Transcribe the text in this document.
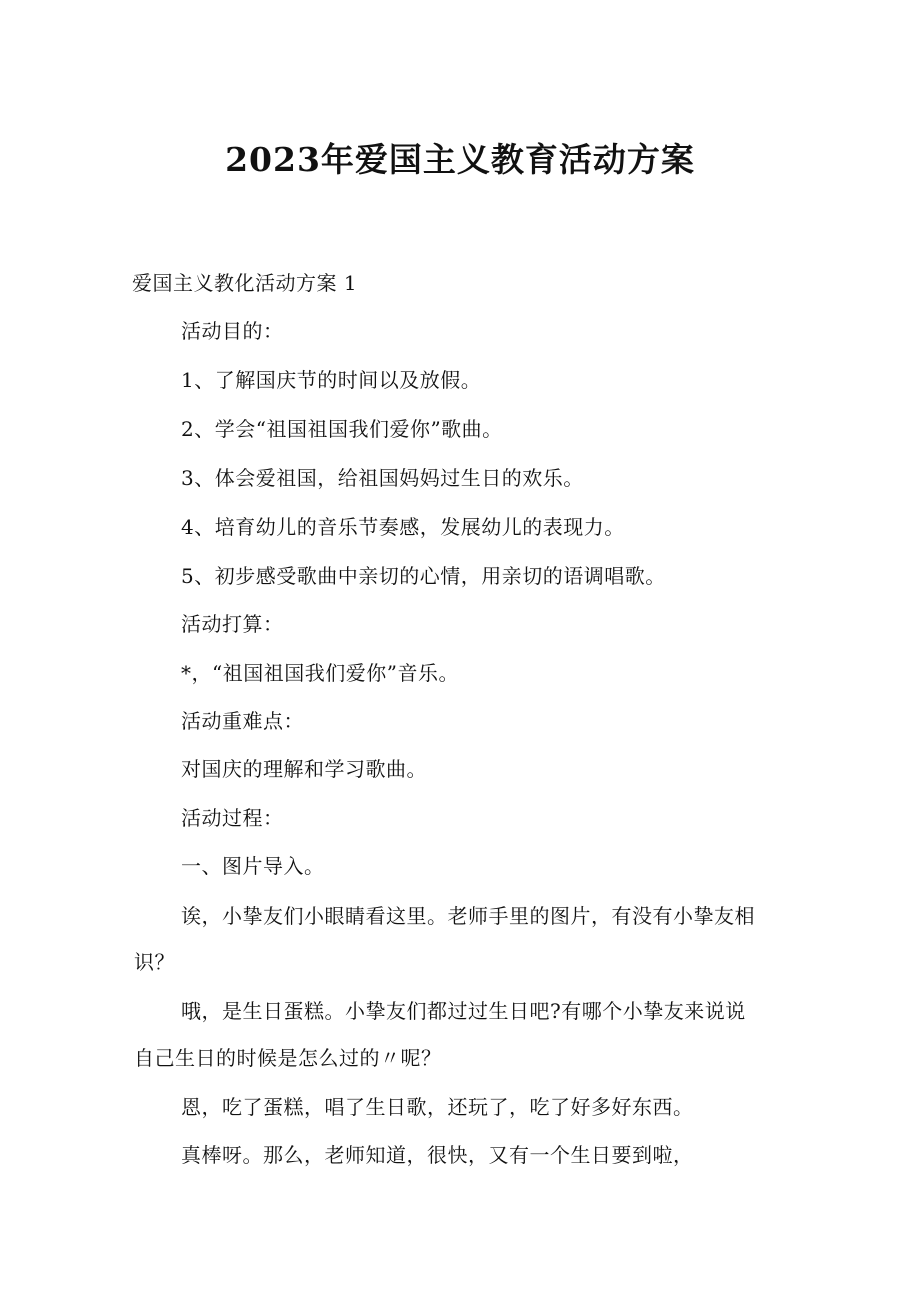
2023年爱国主义教育活动方案
爱国主义教化活动方案 1
活动目的：
1、了解国庆节的时间以及放假。
2、学会“祖国祖国我们爱你”歌曲。
3、体会爱祖国，给祖国妈妈过生日的欢乐。
4、培育幼儿的音乐节奏感，发展幼儿的表现力。
5、初步感受歌曲中亲切的心情，用亲切的语调唱歌。
活动打算：
*，“祖国祖国我们爱你”音乐。
活动重难点：
对国庆的理解和学习歌曲。
活动过程：
一、图片导入。
诶，小挚友们小眼睛看这里。老师手里的图片，有没有小挚友相
识？
哦，是生日蛋糕。小挚友们都过过生日吧?有哪个小挚友来说说
自己生日的时候是怎么过的〃呢？
恩，吃了蛋糕，唱了生日歌，还玩了，吃了好多好东西。
真棒呀。那么，老师知道，很快，又有一个生日要到啦，
